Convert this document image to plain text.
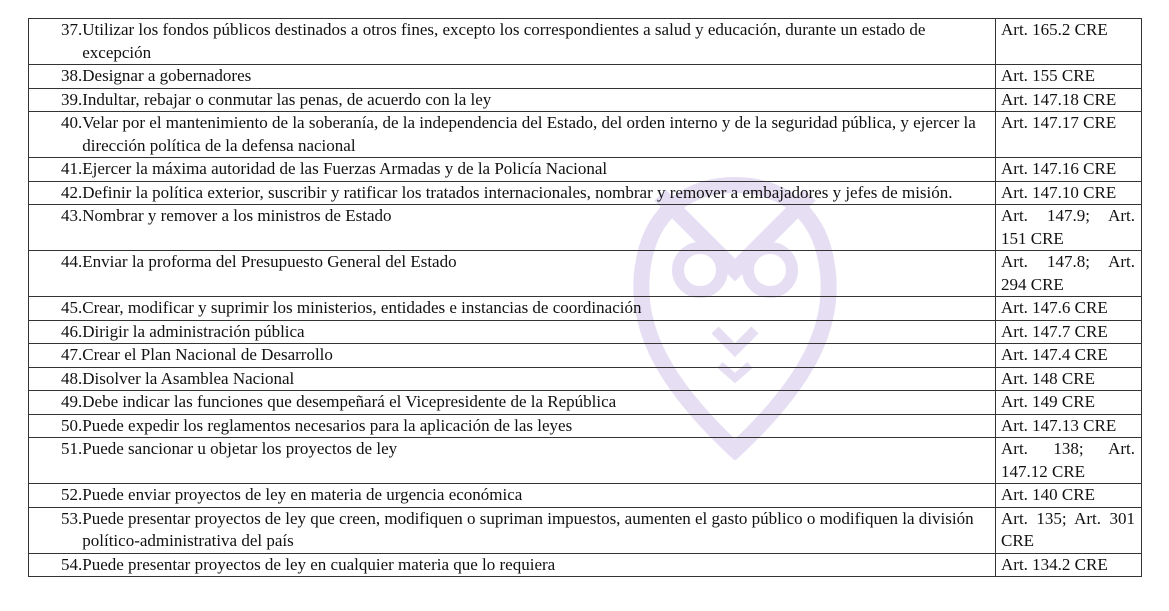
37. Utilizar los fondos públicos destinados a otros fines, excepto los correspondientes a salud y educación, durante un estado de excepción	Art. 165.2 CRE

38. Designar a gobernadores	Art. 155 CRE

39. Indultar, rebajar o conmutar las penas, de acuerdo con la ley	Art. 147.18 CRE

40. Velar por el mantenimiento de la soberanía, de la independencia del Estado, del orden interno y de la seguridad pública, y ejercer la dirección política de la defensa nacional	Art. 147.17 CRE

41. Ejercer la máxima autoridad de las Fuerzas Armadas y de la Policía Nacional	Art. 147.16 CRE

42. Definir la política exterior, suscribir y ratificar los tratados internacionales, nombrar y remover a embajadores y jefes de misión.	Art. 147.10 CRE

43. Nombrar y remover a los ministros de Estado	Art. 147.9; Art. 151 CRE

44. Enviar la proforma del Presupuesto General del Estado	Art. 147.8; Art. 294 CRE

45. Crear, modificar y suprimir los ministerios, entidades e instancias de coordinación	Art. 147.6 CRE

46. Dirigir la administración pública	Art. 147.7 CRE

47. Crear el Plan Nacional de Desarrollo	Art. 147.4 CRE

48. Disolver la Asamblea Nacional	Art. 148 CRE

49. Debe indicar las funciones que desempeñará el Vicepresidente de la República	Art. 149 CRE

50. Puede expedir los reglamentos necesarios para la aplicación de las leyes	Art. 147.13 CRE

51. Puede sancionar u objetar los proyectos de ley	Art. 138; Art. 147.12 CRE

52. Puede enviar proyectos de ley en materia de urgencia económica	Art. 140 CRE

53. Puede presentar proyectos de ley que creen, modifiquen o supriman impuestos, aumenten el gasto público o modifiquen la división político-administrativa del país	Art. 135; Art. 301 CRE

54. Puede presentar proyectos de ley en cualquier materia que lo requiera	Art. 134.2 CRE
